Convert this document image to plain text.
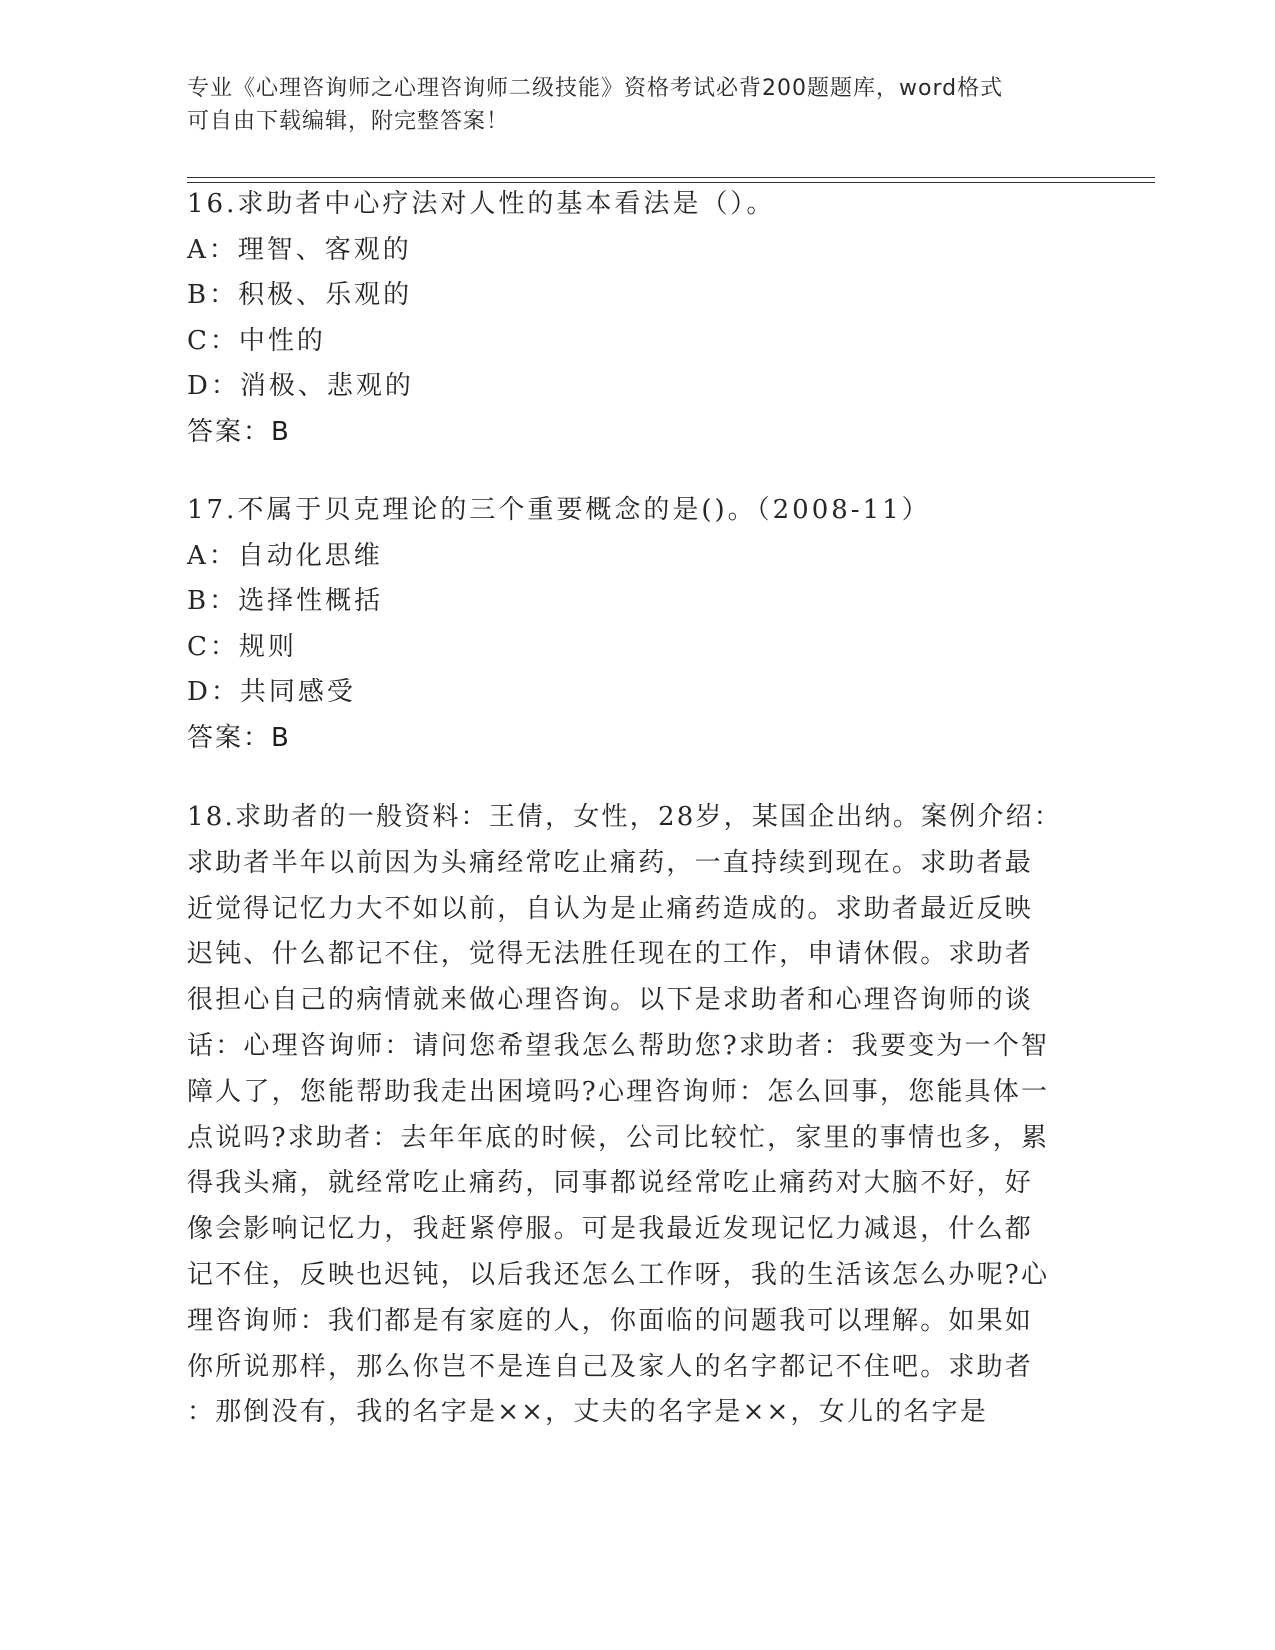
专业《心理咨询师之心理咨询师二级技能》资格考试必背200题题库，word格式
可自由下载编辑，附完整答案！
16.求助者中心疗法对人性的基本看法是（）。
A：理智、客观的
B：积极、乐观的
C：中性的
D：消极、悲观的
答案：B
17.不属于贝克理论的三个重要概念的是()。（2008-11）
A：自动化思维
B：选择性概括
C：规则
D：共同感受
答案：B
18.求助者的一般资料：王倩，女性，28岁，某国企出纳。案例介绍：
求助者半年以前因为头痛经常吃止痛药，一直持续到现在。求助者最
近觉得记忆力大不如以前，自认为是止痛药造成的。求助者最近反映
迟钝、什么都记不住，觉得无法胜任现在的工作，申请休假。求助者
很担心自己的病情就来做心理咨询。以下是求助者和心理咨询师的谈
话：心理咨询师：请问您希望我怎么帮助您?求助者：我要变为一个智
障人了，您能帮助我走出困境吗?心理咨询师：怎么回事，您能具体一
点说吗?求助者：去年年底的时候，公司比较忙，家里的事情也多，累
得我头痛，就经常吃止痛药，同事都说经常吃止痛药对大脑不好，好
像会影响记忆力，我赶紧停服。可是我最近发现记忆力减退，什么都
记不住，反映也迟钝，以后我还怎么工作呀，我的生活该怎么办呢?心
理咨询师：我们都是有家庭的人，你面临的问题我可以理解。如果如
你所说那样，那么你岂不是连自己及家人的名字都记不住吧。求助者
：那倒没有，我的名字是××，丈夫的名字是××，女儿的名字是
